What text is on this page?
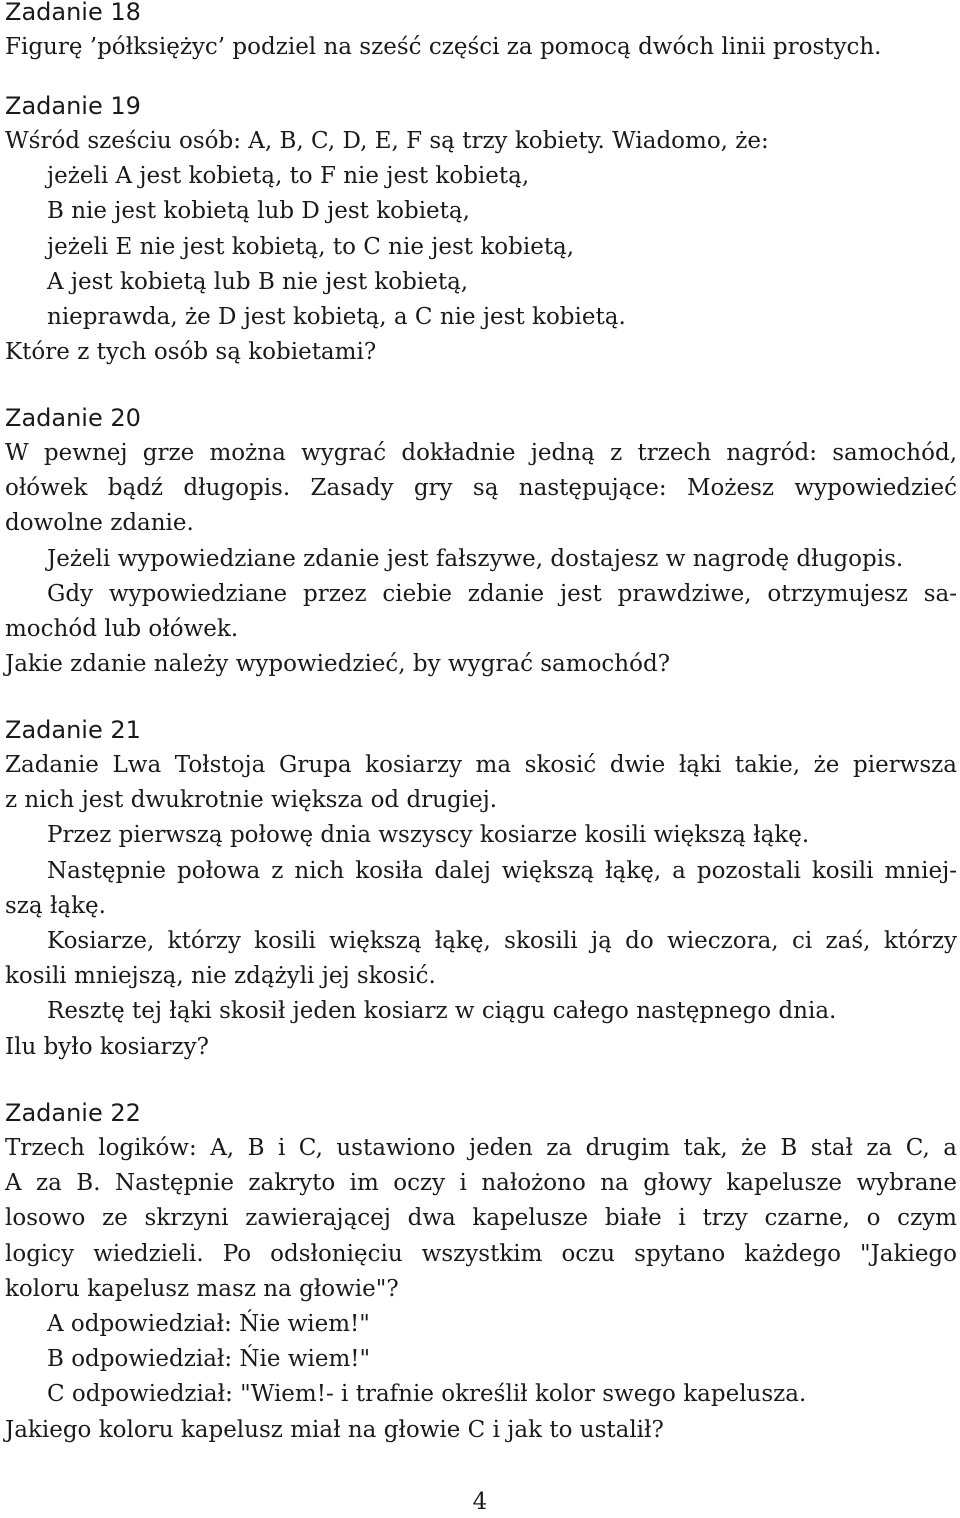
Zadanie 18
Figurę ’półksiężyc’ podziel na sześć części za pomocą dwóch linii prostych.
Zadanie 19
Wśród sześciu osób: A, B, C, D, E, F są trzy kobiety. Wiadomo, że:
jeżeli A jest kobietą, to F nie jest kobietą,
B nie jest kobietą lub D jest kobietą,
jeżeli E nie jest kobietą, to C nie jest kobietą,
A jest kobietą lub B nie jest kobietą,
nieprawda, że D jest kobietą, a C nie jest kobietą.
Które z tych osób są kobietami?
Zadanie 20
W pewnej grze można wygrać dokładnie jedną z trzech nagród: samochód,
ołówek bądź długopis. Zasady gry są następujące: Możesz wypowiedzieć
dowolne zdanie.
Jeżeli wypowiedziane zdanie jest fałszywe, dostajesz w nagrodę długopis.
Gdy wypowiedziane przez ciebie zdanie jest prawdziwe, otrzymujesz sa-
mochód lub ołówek.
Jakie zdanie należy wypowiedzieć, by wygrać samochód?
Zadanie 21
Zadanie Lwa Tołstoja Grupa kosiarzy ma skosić dwie łąki takie, że pierwsza
z nich jest dwukrotnie większa od drugiej.
Przez pierwszą połowę dnia wszyscy kosiarze kosili większą łąkę.
Następnie połowa z nich kosiła dalej większą łąkę, a pozostali kosili mniej-
szą łąkę.
Kosiarze, którzy kosili większą łąkę, skosili ją do wieczora, ci zaś, którzy
kosili mniejszą, nie zdążyli jej skosić.
Resztę tej łąki skosił jeden kosiarz w ciągu całego następnego dnia.
Ilu było kosiarzy?
Zadanie 22
Trzech logików: A, B i C, ustawiono jeden za drugim tak, że B stał za C, a
A za B. Następnie zakryto im oczy i nałożono na głowy kapelusze wybrane
losowo ze skrzyni zawierającej dwa kapelusze białe i trzy czarne, o czym
logicy wiedzieli. Po odsłonięciu wszystkim oczu spytano każdego "Jakiego
koloru kapelusz masz na głowie"?
A odpowiedział: Ńie wiem!"
B odpowiedział: Ńie wiem!"
C odpowiedział: "Wiem!- i trafnie określił kolor swego kapelusza.
Jakiego koloru kapelusz miał na głowie C i jak to ustalił?
4
